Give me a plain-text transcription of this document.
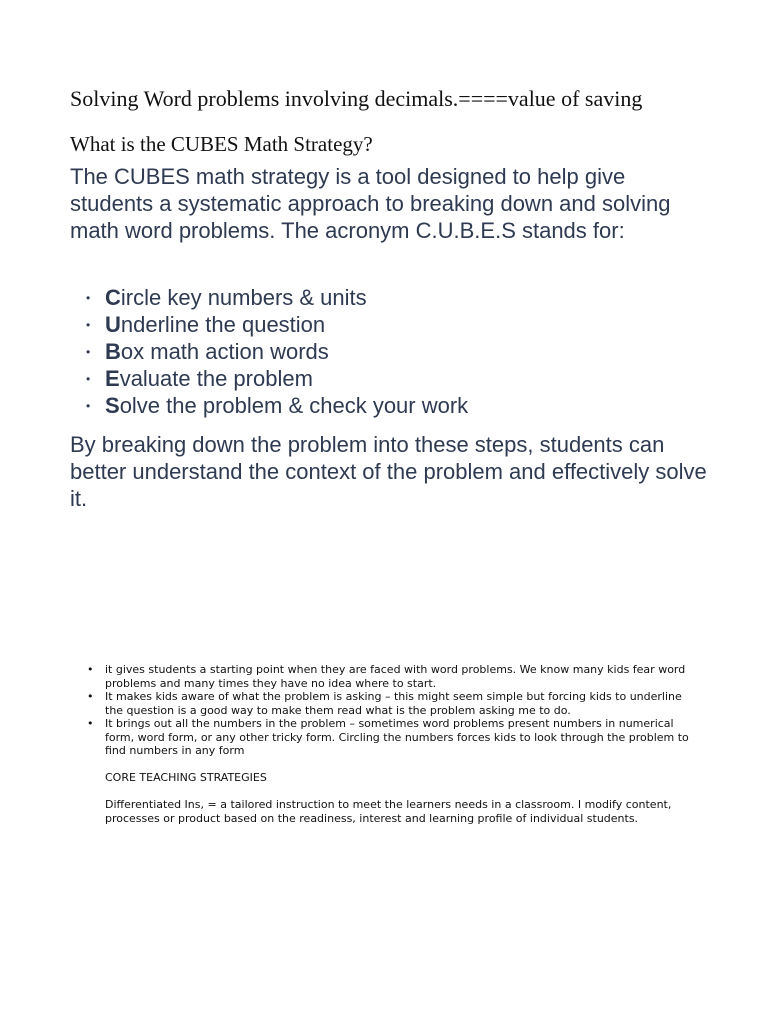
Solving Word problems involving decimals.====value of saving
What is the CUBES Math Strategy?

The CUBES math strategy is a tool designed to help give students a systematic approach to breaking down and solving math word problems. The acronym C.U.B.E.S stands for:

• Circle key numbers & units
• Underline the question
• Box math action words
• Evaluate the problem
• Solve the problem & check your work

By breaking down the problem into these steps, students can better understand the context of the problem and effectively solve it.

• it gives students a starting point when they are faced with word problems. We know many kids fear word problems and many times they have no idea where to start.
• It makes kids aware of what the problem is asking – this might seem simple but forcing kids to underline the question is a good way to make them read what is the problem asking me to do.
• It brings out all the numbers in the problem – sometimes word problems present numbers in numerical form, word form, or any other tricky form. Circling the numbers forces kids to look through the problem to find numbers in any form

CORE TEACHING STRATEGIES

Differentiated Ins, = a tailored instruction to meet the learners needs in a classroom. I modify content, processes or product based on the readiness, interest and learning profile of individual students.
